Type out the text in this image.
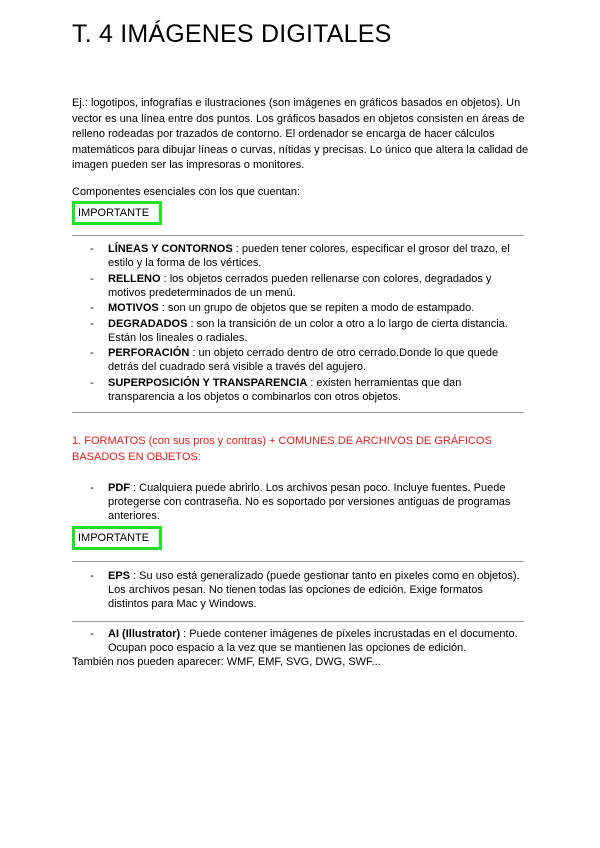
T. 4 IMÁGENES DIGITALES

Ej.: logotipos, infografías e ilustraciones (son imágenes en gráficos basados en objetos). Un vector es una línea entre dos puntos. Los gráficos basados en objetos consisten en áreas de relleno rodeadas por trazados de contorno. El ordenador se encarga de hacer cálculos matemáticos para dibujar líneas o curvas, nítidas y precisas. Lo único que altera la calidad de imagen pueden ser las impresoras o monitores.

Componentes esenciales con los que cuentan:

IMPORTANTE
- LÍNEAS Y CONTORNOS : pueden tener colores, especificar el grosor del trazo, el estilo y la forma de los vértices.
- RELLENO : los objetos cerrados pueden rellenarse con colores, degradados y motivos predeterminados de un menú.
- MOTIVOS : son un grupo de objetos que se repiten a modo de estampado.
- DEGRADADOS : son la transición de un color a otro a lo largo de cierta distancia. Están los lineales o radiales.
- PERFORACIÓN : un objeto cerrado dentro de otro cerrado.Donde lo que quede detrás del cuadrado será visible a través del agujero.
- SUPERPOSICIÓN Y TRANSPARENCIA : existen herramientas que dan transparencia a los objetos o combinarlos con otros objetos.

1. FORMATOS (con sus pros y contras) + COMUNES DE ARCHIVOS DE GRÁFICOS BASADOS EN OBJETOS:

- PDF : Cualquiera puede abrirlo. Los archivos pesan poco. Incluye fuentes. Puede protegerse con contraseña. No es soportado por versiones antiguas de programas anteriores.
IMPORTANTE
- EPS : Su uso está generalizado (puede gestionar tanto en pixeles como en objetos). Los archivos pesan. No tienen todas las opciones de edición. Exige formatos distintos para Mac y Windows.
- AI (Illustrator) : Puede contener imágenes de píxeles incrustadas en el documento. Ocupan poco espacio a la vez que se mantienen las opciones de edición.

También nos pueden aparecer: WMF, EMF, SVG, DWG, SWF...
